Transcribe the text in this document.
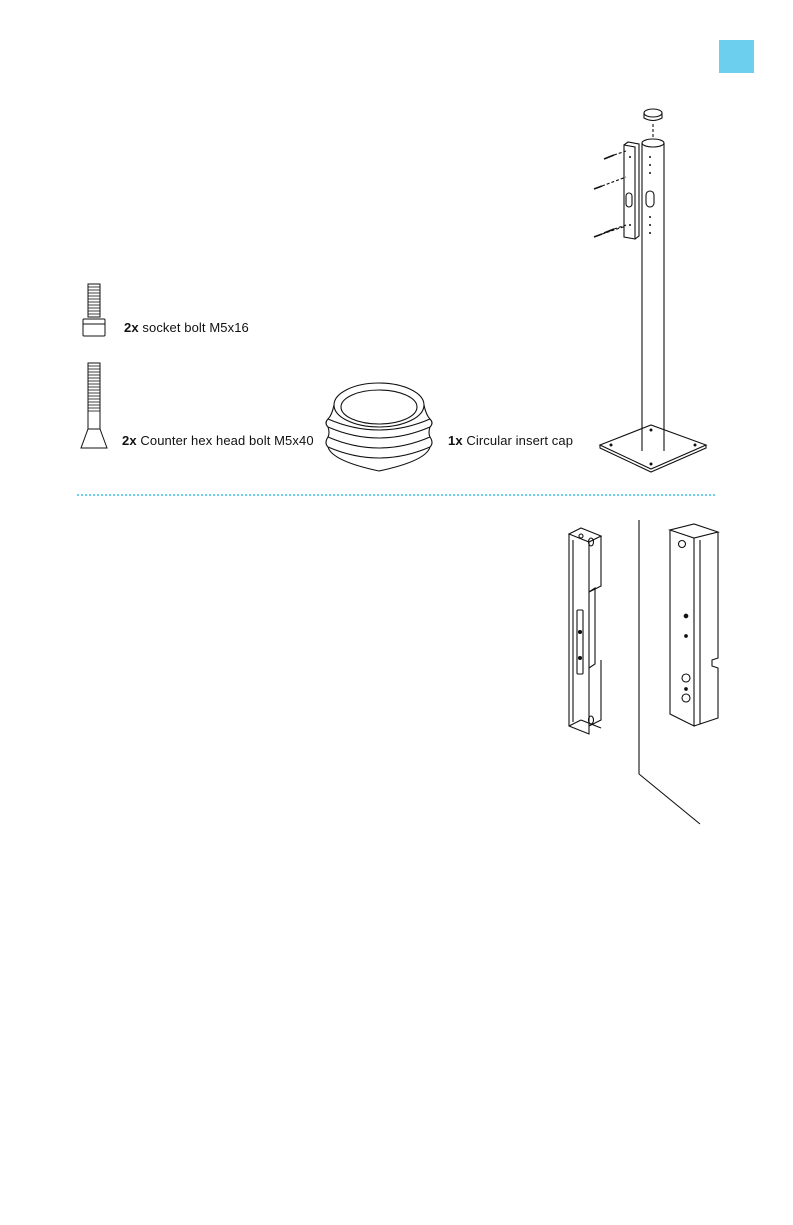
2x socket bolt M5x16
2x Counter hex head bolt M5x40	1x Circular insert cap
